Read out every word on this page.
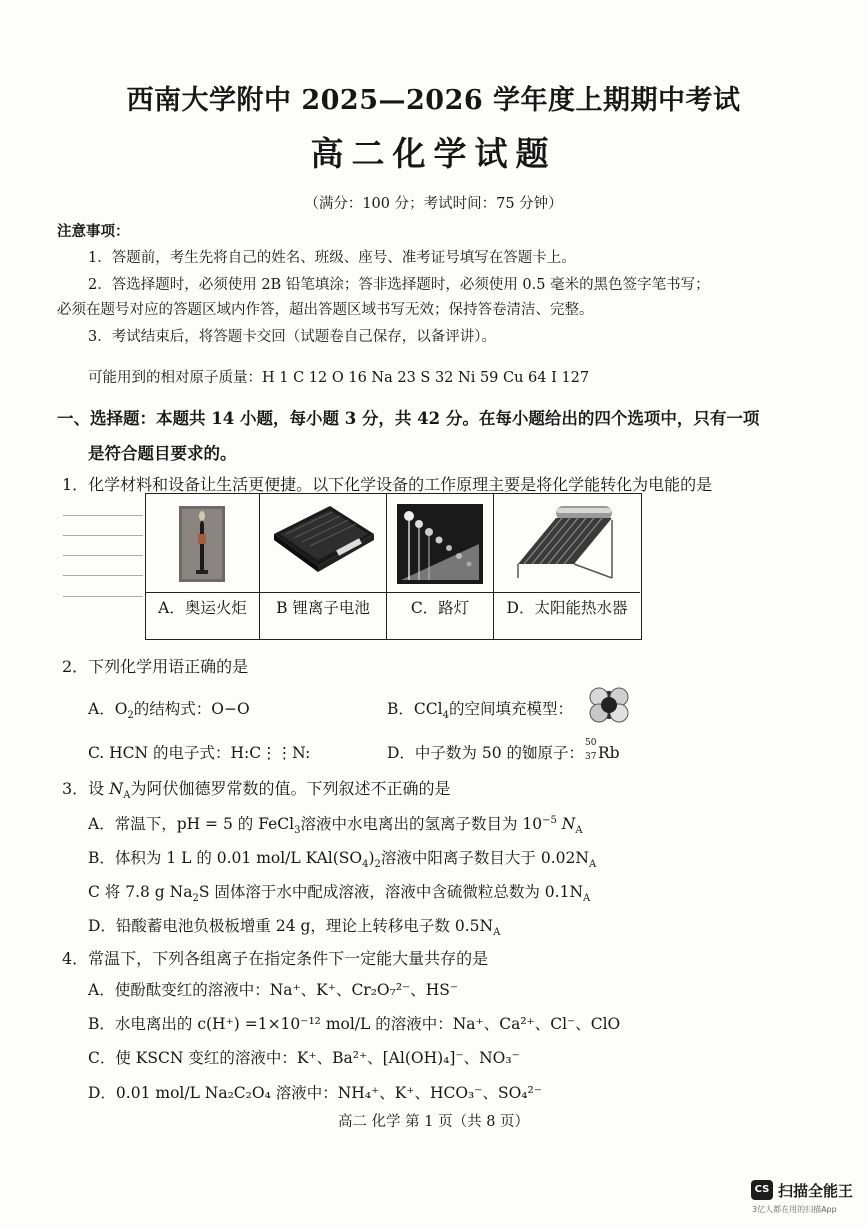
西南大学附中 2025—2026 学年度上期期中考试
高二化学试题
（满分：100 分；考试时间：75 分钟）
注意事项：
1．答题前，考生先将自己的姓名、班级、座号、准考证号填写在答题卡上。
2．答选择题时，必须使用 2B 铅笔填涂；答非选择题时，必须使用 0.5 毫米的黑色签字笔书写；
必须在题号对应的答题区域内作答，超出答题区域书写无效；保持答卷清洁、完整。
3．考试结束后，将答题卡交回（试题卷自己保存，以备评讲）。
可能用到的相对原子质量：H 1 C 12 O 16 Na 23 S 32 Ni 59 Cu 64 I 127
一、选择题：本题共 14 小题，每小题 3 分，共 42 分。在每小题给出的四个选项中，只有一项
是符合题目要求的。
1．化学材料和设备让生活更便捷。以下化学设备的工作原理主要是将化学能转化为电能的是
A．奥运火炬	B 锂离子电池	C．路灯	D．太阳能热水器
2．下列化学用语正确的是
A．$O_2$的结构式：O−O	B．CCl$_4$的空间填充模型：
C. HCN 的电子式：H:C⋮⋮N:	D．中子数为 50 的铷原子：
50
37 Rb
3．设 $N_A$为阿伏伽德罗常数的值。下列叙述不正确的是
A．常温下，pH = 5 的 FeCl$_3$溶液中水电离出的氢离子数目为 $10^{-5}$ $N_A$
B．体积为 1 L 的 0.01 mol/L $KAl(SO_4)_2$溶液中阳离子数目大于 $0.02N_A$
C 将 7.8 g $Na_2S$ 固体溶于水中配成溶液，溶液中含硫微粒总数为 $0.1N_A$
D．铅酸蓄电池负极板增重 24 g，理论上转移电子数 $0.5N_A$
4．常温下，下列各组离子在指定条件下一定能大量共存的是
A．使酚酞变红的溶液中：Na⁺、K⁺、Cr₂O₇²⁻、HS⁻
B．水电离出的 c(H⁺) =1×10⁻¹² mol/L 的溶液中：Na⁺、Ca²⁺、Cl⁻、ClO
C．使 KSCN 变红的溶液中：K⁺、Ba²⁺、[Al(OH)₄]⁻、NO₃⁻
D．0.01 mol/L Na₂C₂O₄ 溶液中：NH₄⁺、K⁺、HCO₃⁻、SO₄²⁻
高二 化学 第 1 页（共 8 页）
CS 扫描全能王
3亿人都在用的扫描App
